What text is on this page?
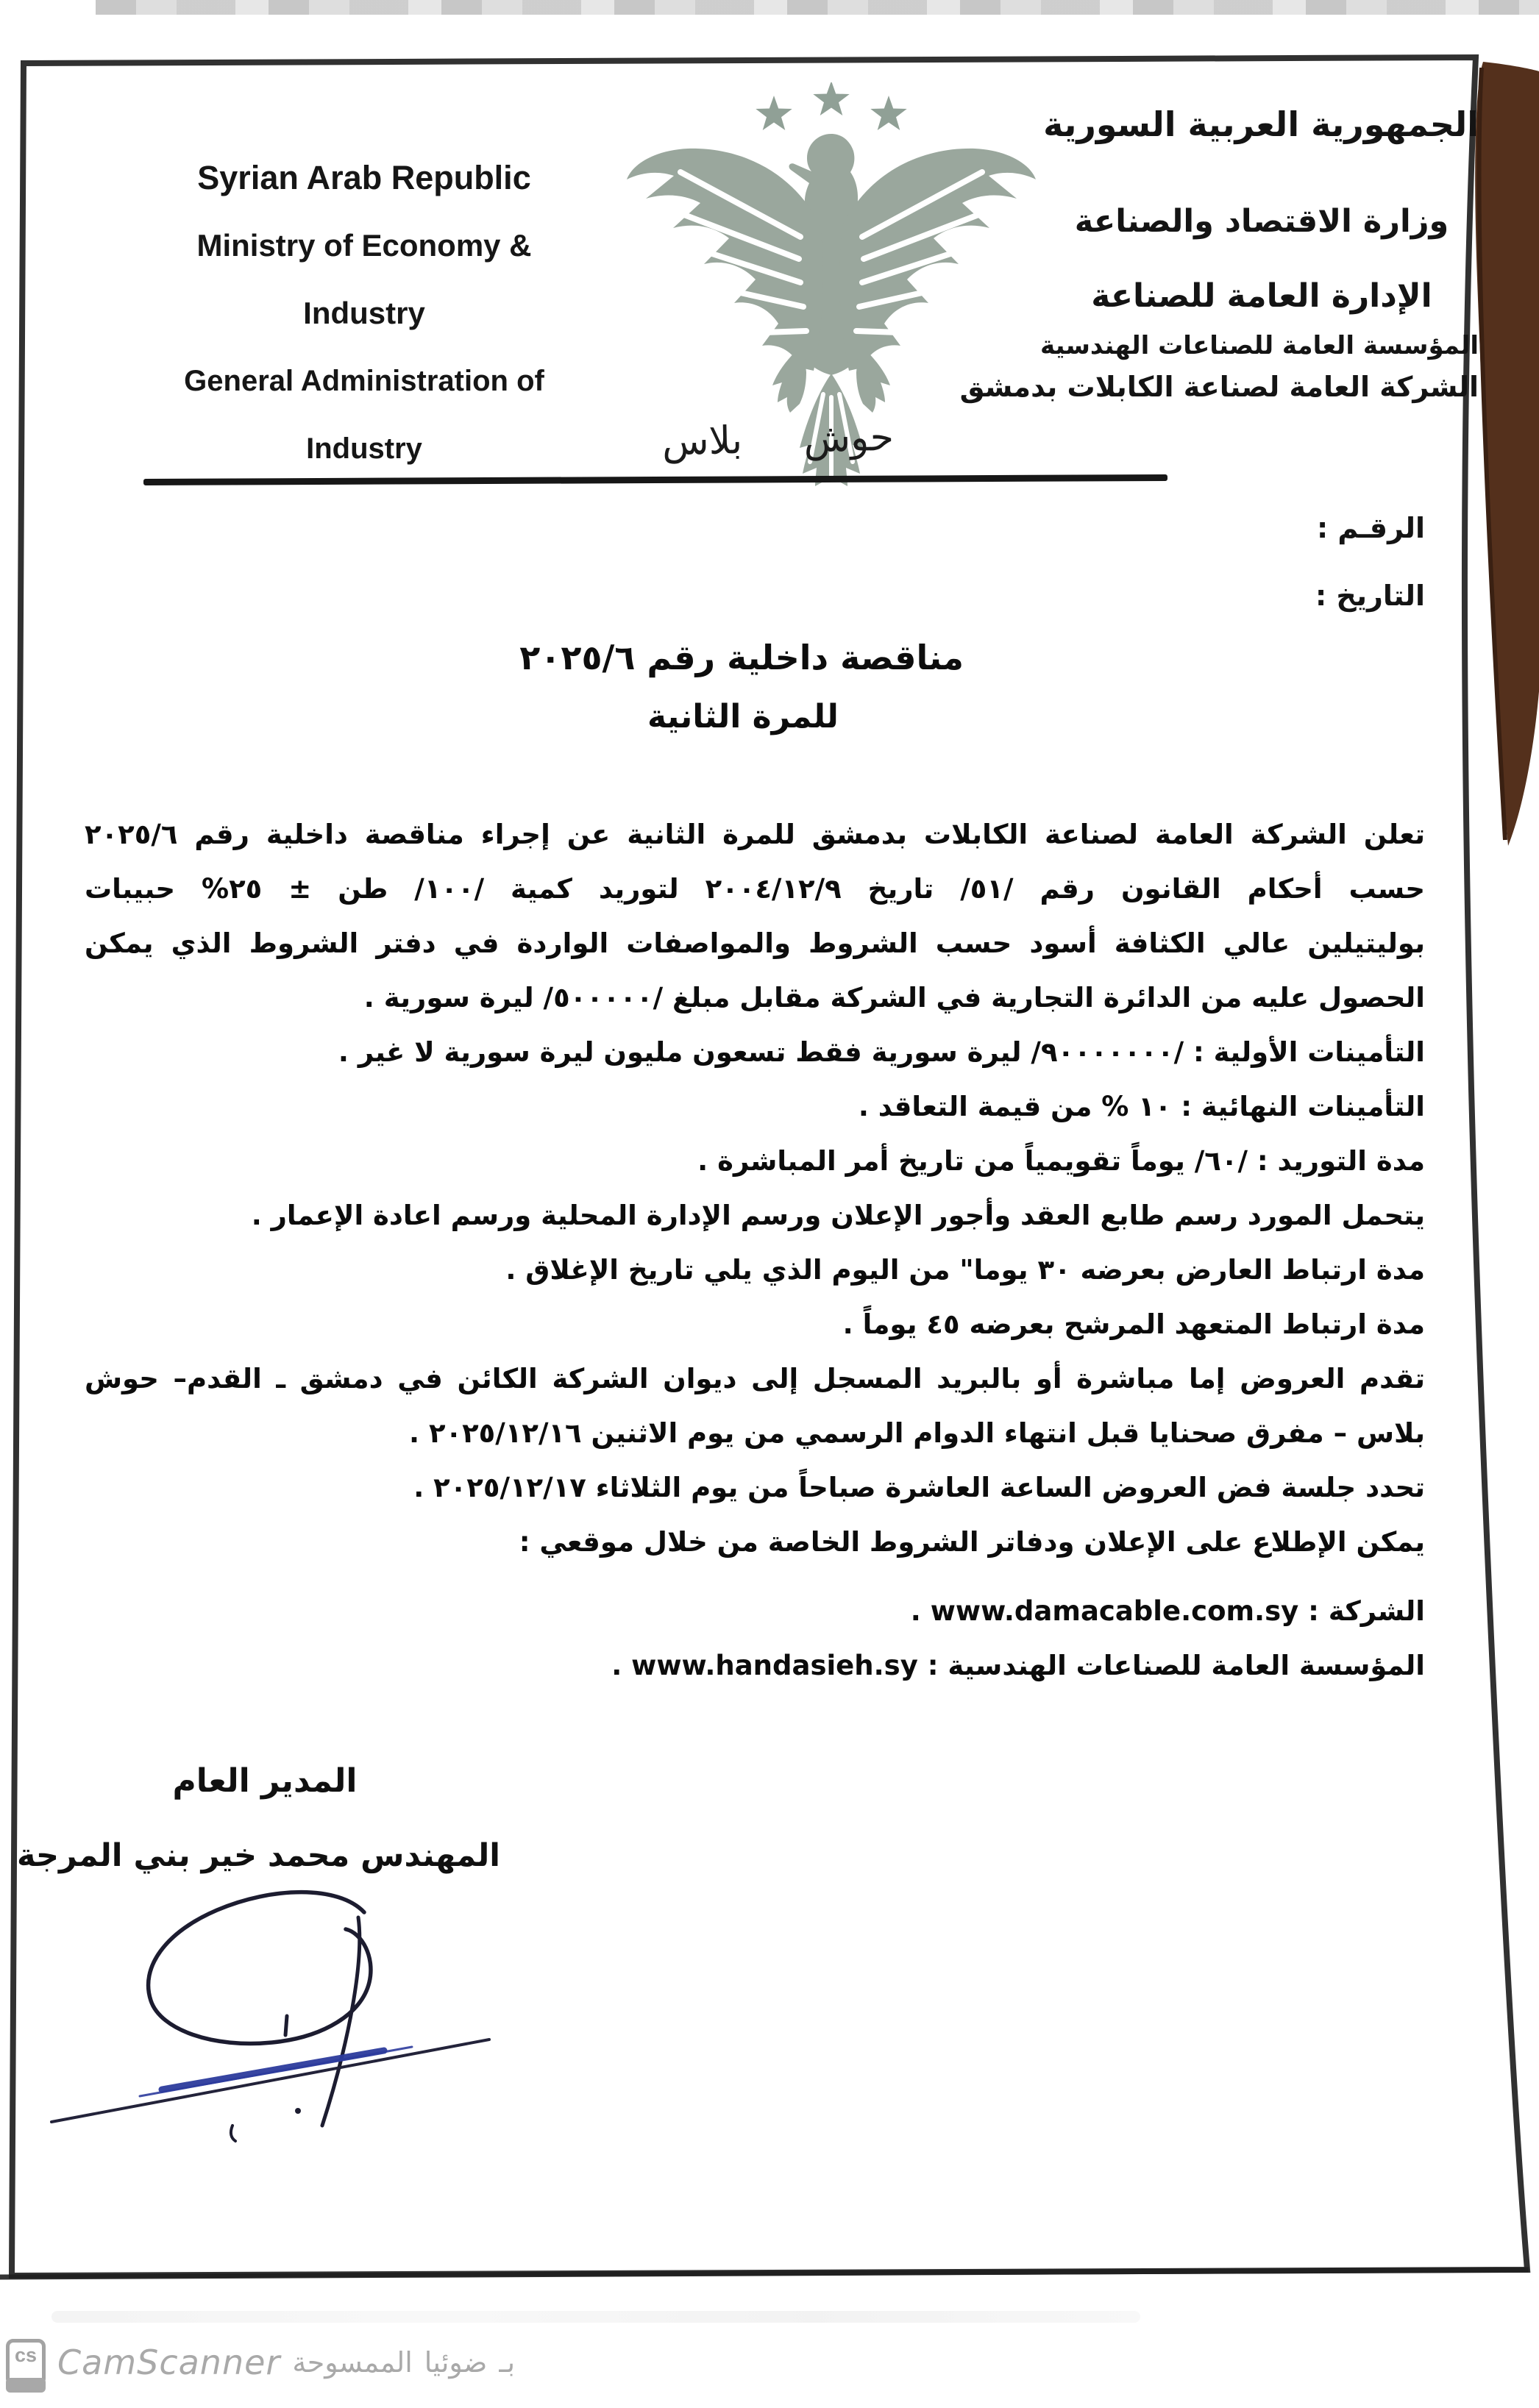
Syrian Arab Republic
Ministry of Economy &
Industry
General Administration of
Industry
الجمهورية العربية السورية
وزارة الاقتصاد والصناعة
الإدارة العامة للصناعة
المؤسسة العامة للصناعات الهندسية
الشركة العامة لصناعة الكابلات بدمشق
حوش
بلاس
الرقـم :
التاريخ :
مناقصة داخلية رقم ٢٠٢٥/٦
للمرة الثانية
تعلن الشركة العامة لصناعة الكابلات بدمشق للمرة الثانية عن إجراء مناقصة داخلية رقم ٢٠٢٥/٦
حسب أحكام القانون رقم /٥١/ تاريخ ٢٠٠٤/١٢/٩ لتوريد كمية /١٠٠/ طن ± ٢٥% حبيبات
بوليتيلين عالي الكثافة أسود حسب الشروط والمواصفات الواردة في دفتر الشروط الذي يمكن
الحصول عليه من الدائرة التجارية في الشركة مقابل مبلغ /٥٠٠٠٠٠/ ليرة سورية .
التأمينات الأولية : /٩٠٠٠٠٠٠٠/ ليرة سورية فقط تسعون مليون ليرة سورية لا غير .
التأمينات النهائية : ١٠ % من قيمة التعاقد .
مدة التوريد : /٦٠/ يوماً تقويمياً من تاريخ أمر المباشرة .
يتحمل المورد رسم طابع العقد وأجور الإعلان ورسم الإدارة المحلية ورسم اعادة الإعمار .
مدة ارتباط العارض بعرضه ٣٠ يوما" من اليوم الذي يلي تاريخ الإغلاق .
مدة ارتباط المتعهد المرشح بعرضه ٤٥ يوماً .
تقدم العروض إما مباشرة أو بالبريد المسجل إلى ديوان الشركة الكائن في دمشق ـ القدم– حوش
بلاس – مفرق صحنايا قبل انتهاء الدوام الرسمي من يوم الاثنين ٢٠٢٥/١٢/١٦ .
تحدد جلسة فض العروض الساعة العاشرة صباحاً من يوم الثلاثاء ٢٠٢٥/١٢/١٧ .
يمكن الإطلاع على الإعلان ودفاتر الشروط الخاصة من خلال موقعي :
الشركة : www.damacable.com.sy .
المؤسسة العامة للصناعات الهندسية : www.handasieh.sy .
المدير العام
المهندس محمد خير بني المرجة
cs CamScanner الممسوحة ضوئيا بـ
